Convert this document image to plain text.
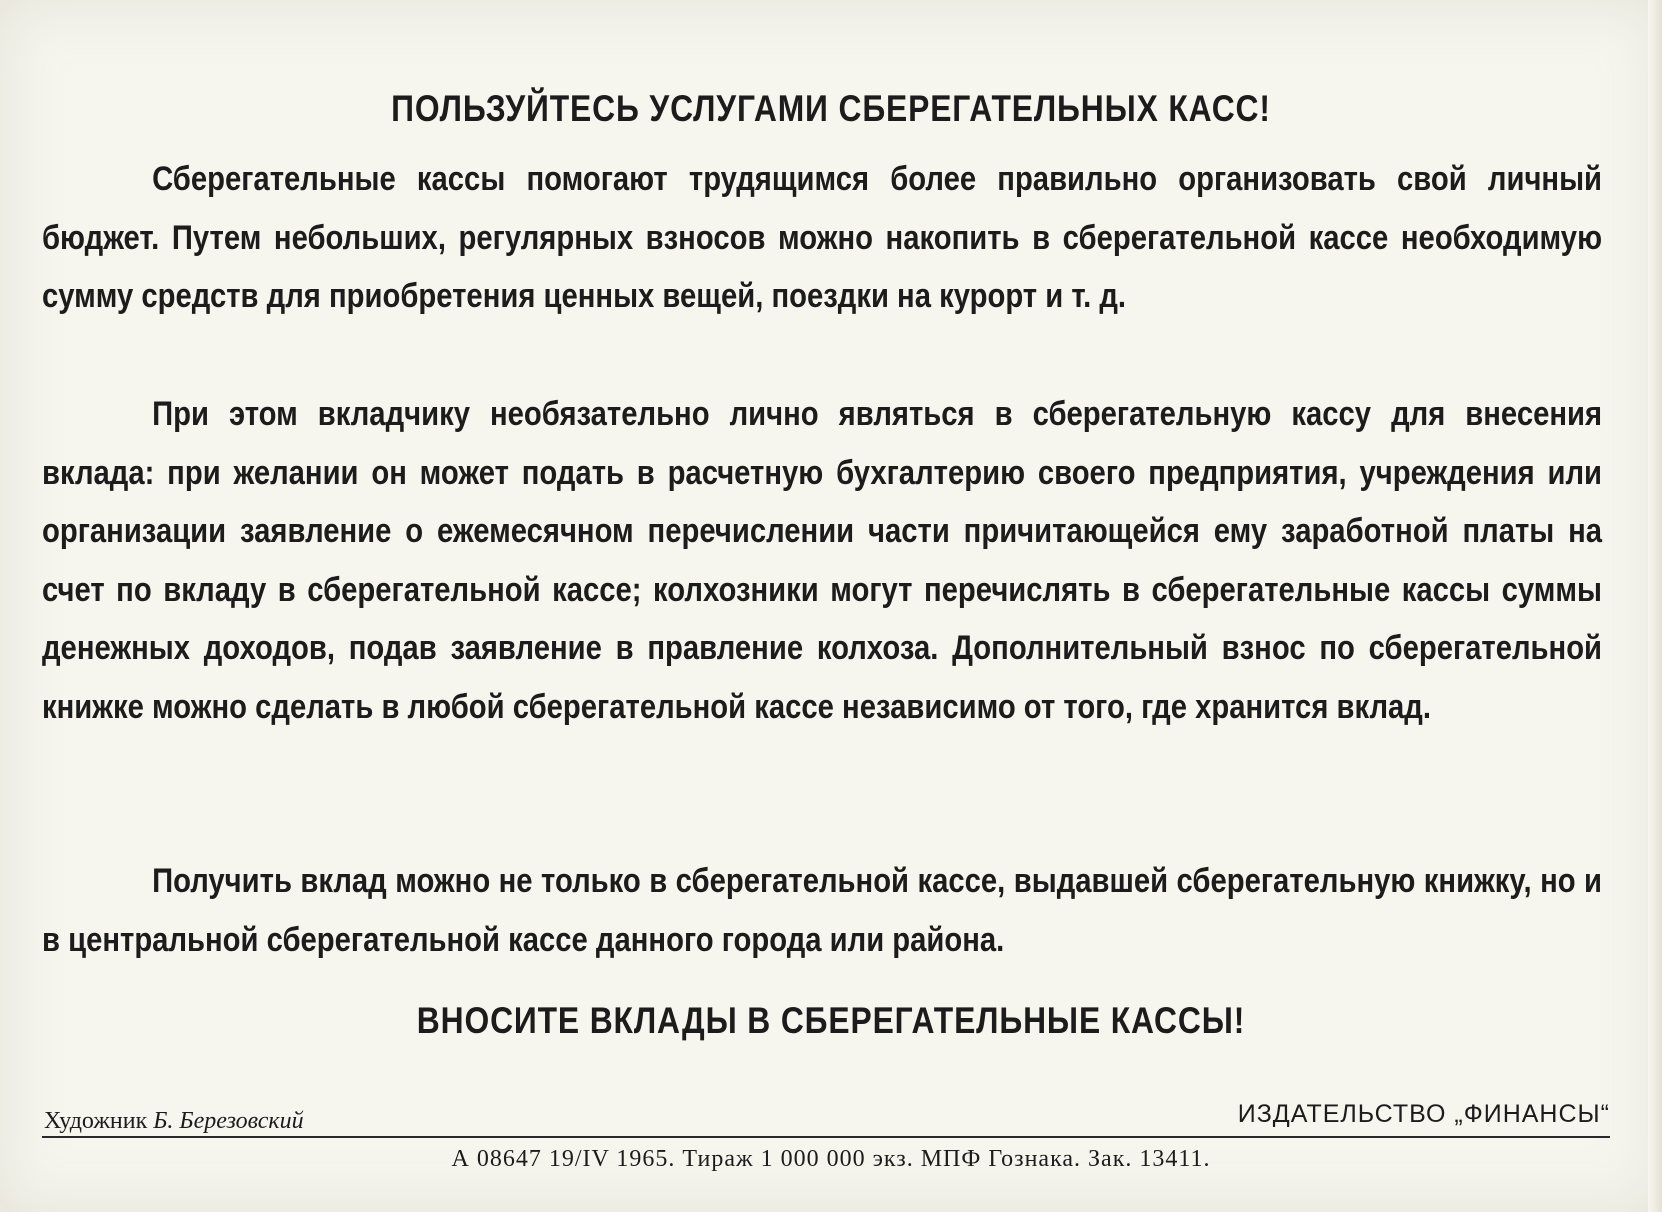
ПОЛЬЗУЙТЕСЬ УСЛУГАМИ СБЕРЕГАТЕЛЬНЫХ КАСС!

Сберегательные кассы помогают трудящимся более правильно организовать свой личный бюджет. Путем небольших, регулярных взносов можно накопить в сберегательной кассе необходимую сумму средств для приобретения ценных вещей, поездки на курорт и т. д.

При этом вкладчику необязательно лично являться в сберегательную кассу для внесения вклада: при желании он может подать в расчетную бухгалтерию своего предприятия, учреждения или организации заявление о ежемесячном перечислении части причитающейся ему заработной платы на счет по вкладу в сберегательной кассе; колхозники могут перечислять в сберегательные кассы суммы денежных доходов, подав заявление в правление колхоза. Дополнительный взнос по сберегательной книжке можно сделать в любой сберегательной кассе независимо от того, где хранится вклад.

Получить вклад можно не только в сберегательной кассе, выдавшей сберегательную книжку, но и в центральной сберегательной кассе данного города или района.

ВНОСИТЕ ВКЛАДЫ В СБЕРЕГАТЕЛЬНЫЕ КАССЫ!
Художник Б. Березовский	ИЗДАТЕЛЬСТВО „ФИНАНСЫ“
А 08647 19/IV 1965. Тираж 1 000 000 экз. МПФ Гознака. Зак. 13411.
